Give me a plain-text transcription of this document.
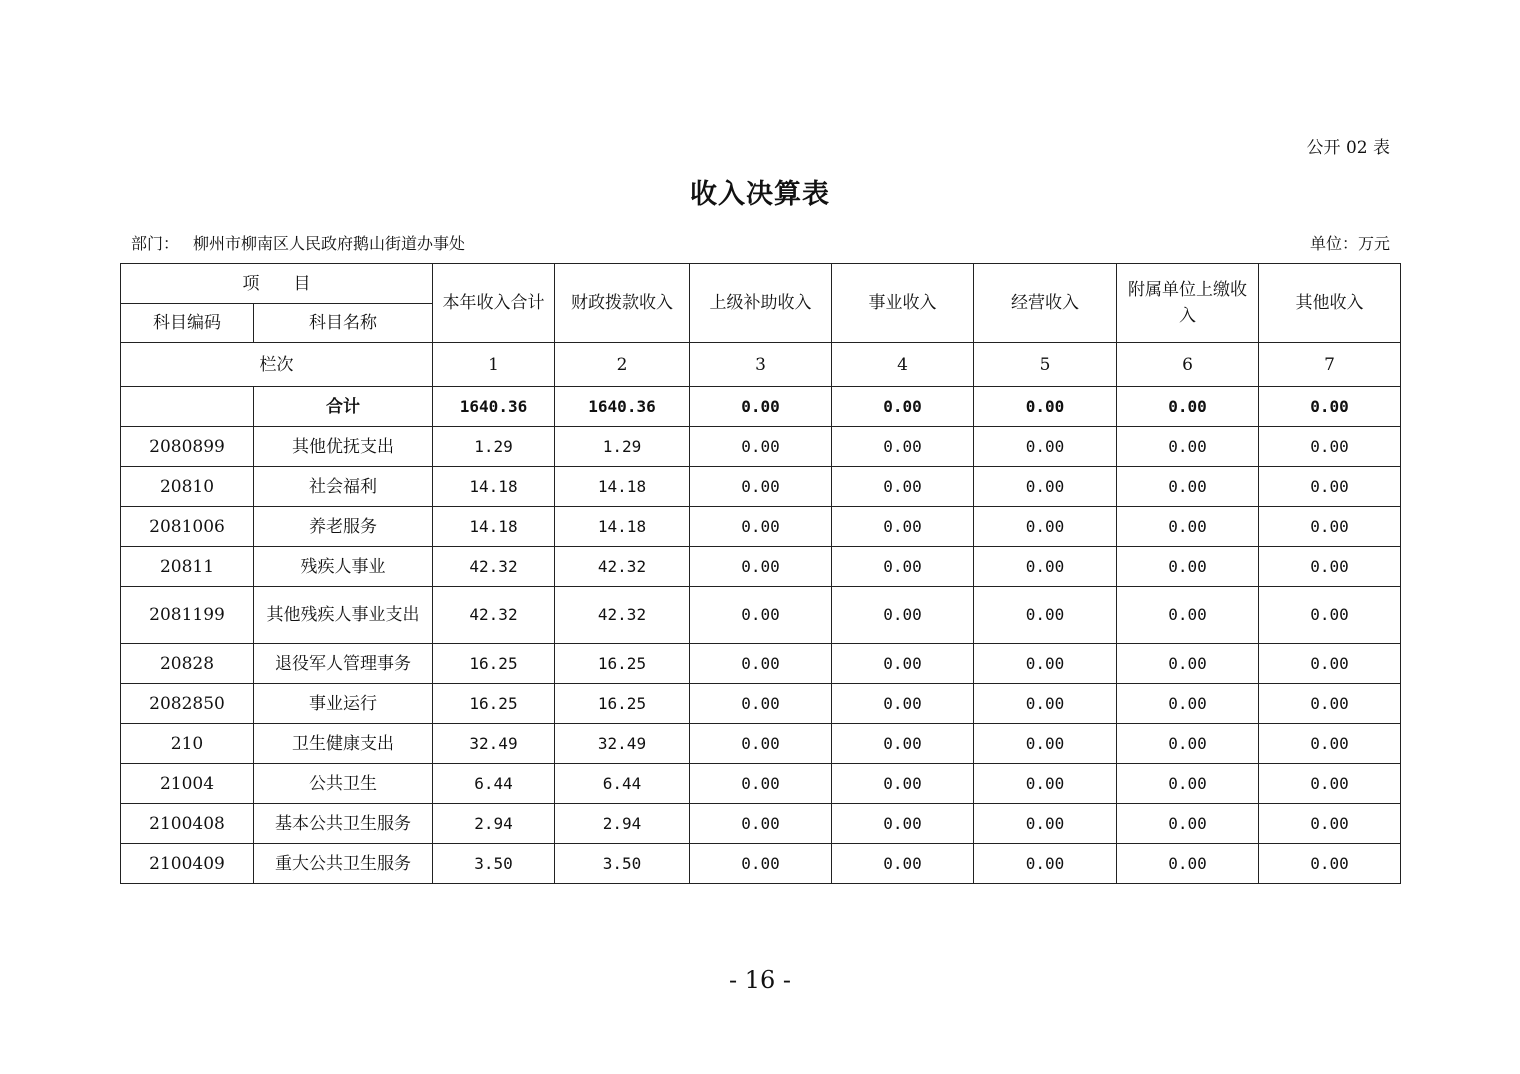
公开 02 表
收入决算表
部门： 柳州市柳南区人民政府鹅山街道办事处	单位：万元
项　　目		本年收入合计	财政拨款收入	上级补助收入	事业收入	经营收入	附属单位上缴收入	其他收入
科目编码	科目名称							
栏次		1	2	3	4	5	6	7
	合计	1640.36	1640.36	0.00	0.00	0.00	0.00	0.00
2080899	其他优抚支出	1.29	1.29	0.00	0.00	0.00	0.00	0.00
20810	社会福利	14.18	14.18	0.00	0.00	0.00	0.00	0.00
2081006	养老服务	14.18	14.18	0.00	0.00	0.00	0.00	0.00
20811	残疾人事业	42.32	42.32	0.00	0.00	0.00	0.00	0.00
2081199	其他残疾人事业支出	42.32	42.32	0.00	0.00	0.00	0.00	0.00
20828	退役军人管理事务	16.25	16.25	0.00	0.00	0.00	0.00	0.00
2082850	事业运行	16.25	16.25	0.00	0.00	0.00	0.00	0.00
210	卫生健康支出	32.49	32.49	0.00	0.00	0.00	0.00	0.00
21004	公共卫生	6.44	6.44	0.00	0.00	0.00	0.00	0.00
2100408	基本公共卫生服务	2.94	2.94	0.00	0.00	0.00	0.00	0.00
2100409	重大公共卫生服务	3.50	3.50	0.00	0.00	0.00	0.00	0.00
- 16 -
